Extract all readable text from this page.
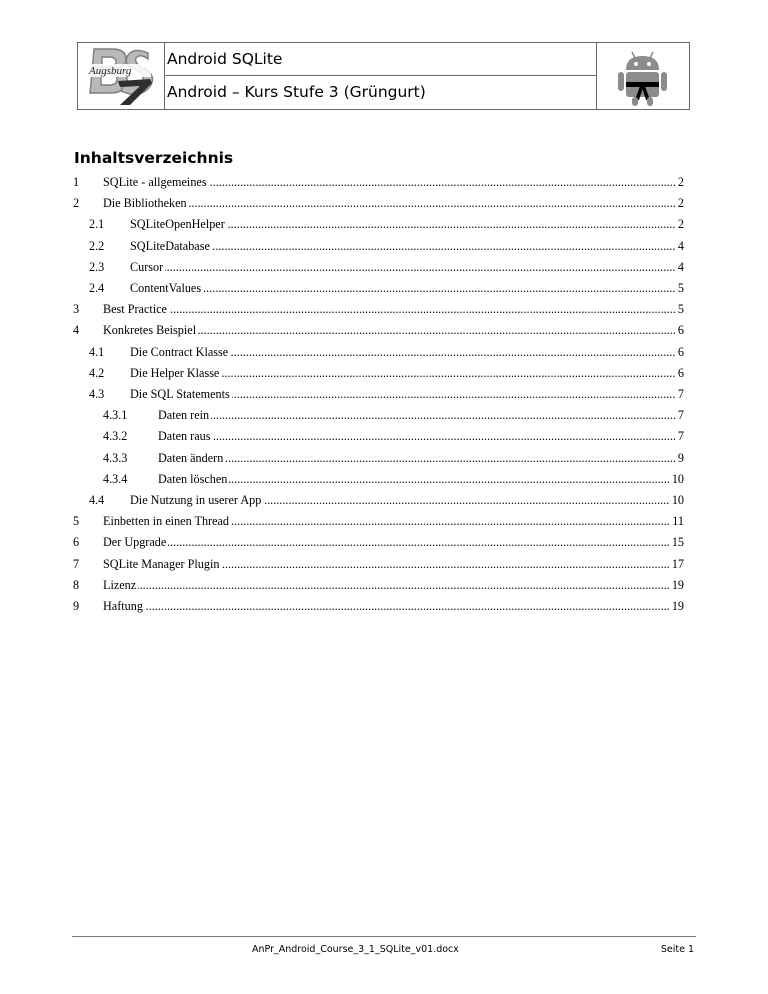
Augsburg
Android SQLite
Android – Kurs Stufe 3 (Grüngurt)
Inhaltsverzeichnis
1 ..... SQLite - allgemeines	2
2 ..... Die Bibliotheken	2
2.1 ..... SQLiteOpenHelper	2
2.2 ..... SQLiteDatabase	4
2.3 ..... Cursor	4
2.4 ..... ContentValues	5
3 ..... Best Practice	5
4 ..... Konkretes Beispiel	6
4.1 ..... Die Contract Klasse	6
4.2 ..... Die Helper Klasse	6
4.3 ..... Die SQL Statements	7
4.3.1 .....	Daten rein	7
4.3.2 .....	Daten raus	7
4.3.3 .....	Daten ändern	9
4.3.4 .....	Daten löschen	10
4.4 ..... Die Nutzung in userer App	10
5 ..... Einbetten in einen Thread	11
6 ..... Der Upgrade	15
7 ..... SQLite Manager Plugin	17
8 ..... Lizenz	19
9 ..... Haftung	19
AnPr_Android_Course_3_1_SQLite_v01.docx	Seite 1
